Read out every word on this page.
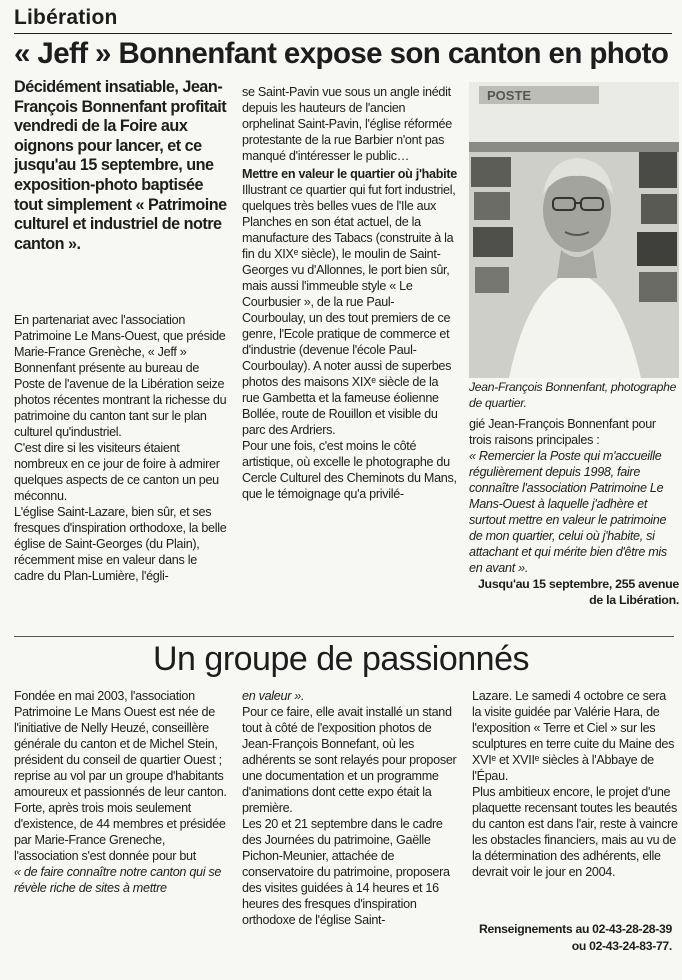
Libération
« Jeff » Bonnenfant expose son canton en photo
Décidément insatiable, Jean-François Bonnenfant profitait vendredi de la Foire aux oignons pour lancer, et ce jusqu'au 15 septembre, une exposition-photo baptisée tout simplement « Patrimoine culturel et industriel de notre canton ».

En partenariat avec l'association Patrimoine Le Mans-Ouest, que préside Marie-France Grenèche, « Jeff » Bonnenfant présente au bureau de Poste de l'avenue de la Libération seize photos récentes montrant la richesse du patrimoine du canton tant sur le plan culturel qu'industriel.

C'est dire si les visiteurs étaient nombreux en ce jour de foire à admirer quelques aspects de ce canton un peu méconnu.

L'église Saint-Lazare, bien sûr, et ses fresques d'inspiration orthodoxe, la belle église de Saint-Georges (du Plain), récemment mise en valeur dans le cadre du Plan-Lumière, l'égli-

se Saint-Pavin vue sous un angle inédit depuis les hauteurs de l'ancien orphelinat Saint-Pavin, l'église réformée protestante de la rue Barbier n'ont pas manqué d'intéresser le public…

Mettre en valeur le quartier où j'habite

Illustrant ce quartier qui fut fort industriel, quelques très belles vues de l'Ile aux Planches en son état actuel, de la manufacture des Tabacs (construite à la fin du XIXᵉ siècle), le moulin de Saint-Georges vu d'Allonnes, le port bien sûr, mais aussi l'immeuble style « Le Courbusier », de la rue Paul-Courboulay, un des tout premiers de ce genre, l'Ecole pratique de commerce et d'industrie (devenue l'école Paul-Courboulay). A noter aussi de superbes photos des maisons XIXᵉ siècle de la rue Gambetta et la fameuse éolienne Bollée, route de Rouillon et visible du parc des Ardriers.

Pour une fois, c'est moins le côté artistique, où excelle le photographe du Cercle Culturel des Cheminots du Mans, que le témoignage qu'a privilé-

POSTE
Jean-François Bonnenfant, photographe de quartier.

gié Jean-François Bonnenfant pour trois raisons principales :

« Remercier la Poste qui m'accueille régulièrement depuis 1998, faire connaître l'association Patrimoine Le Mans-Ouest à laquelle j'adhère et surtout mettre en valeur le patrimoine de mon quartier, celui où j'habite, si attachant et qui mérite bien d'être mis en avant ».

Jusqu'au 15 septembre, 255 avenue de la Libération.

Un groupe de passionnés

Fondée en mai 2003, l'association Patrimoine Le Mans Ouest est née de l'initiative de Nelly Heuzé, conseillère générale du canton et de Michel Stein, président du conseil de quartier Ouest ; reprise au vol par un groupe d'habitants amoureux et passionnés de leur canton.

Forte, après trois mois seulement d'existence, de 44 membres et présidée par Marie-France Greneche, l'association s'est donnée pour but

« de faire connaître notre canton qui se révèle riche de sites à mettre

en valeur ».

Pour ce faire, elle avait installé un stand tout à côté de l'exposition photos de Jean-François Bonnefant, où les adhérents se sont relayés pour proposer une documentation et un programme d'animations dont cette expo était la première.

Les 20 et 21 septembre dans le cadre des Journées du patrimoine, Gaëlle Pichon-Meunier, attachée de conservatoire du patrimoine, proposera des visites guidées à 14 heures et 16 heures des fresques d'inspiration orthodoxe de l'église Saint-

Lazare. Le samedi 4 octobre ce sera la visite guidée par Valérie Hara, de l'exposition « Terre et Ciel » sur les sculptures en terre cuite du Maine des XVIᵉ et XVIIᵉ siècles à l'Abbaye de l'Épau.

Plus ambitieux encore, le projet d'une plaquette recensant toutes les beautés du canton est dans l'air, reste à vaincre les obstacles financiers, mais au vu de la détermination des adhérents, elle devrait voir le jour en 2004.

Renseignements au 02-43-28-28-39
ou 02-43-24-83-77.
